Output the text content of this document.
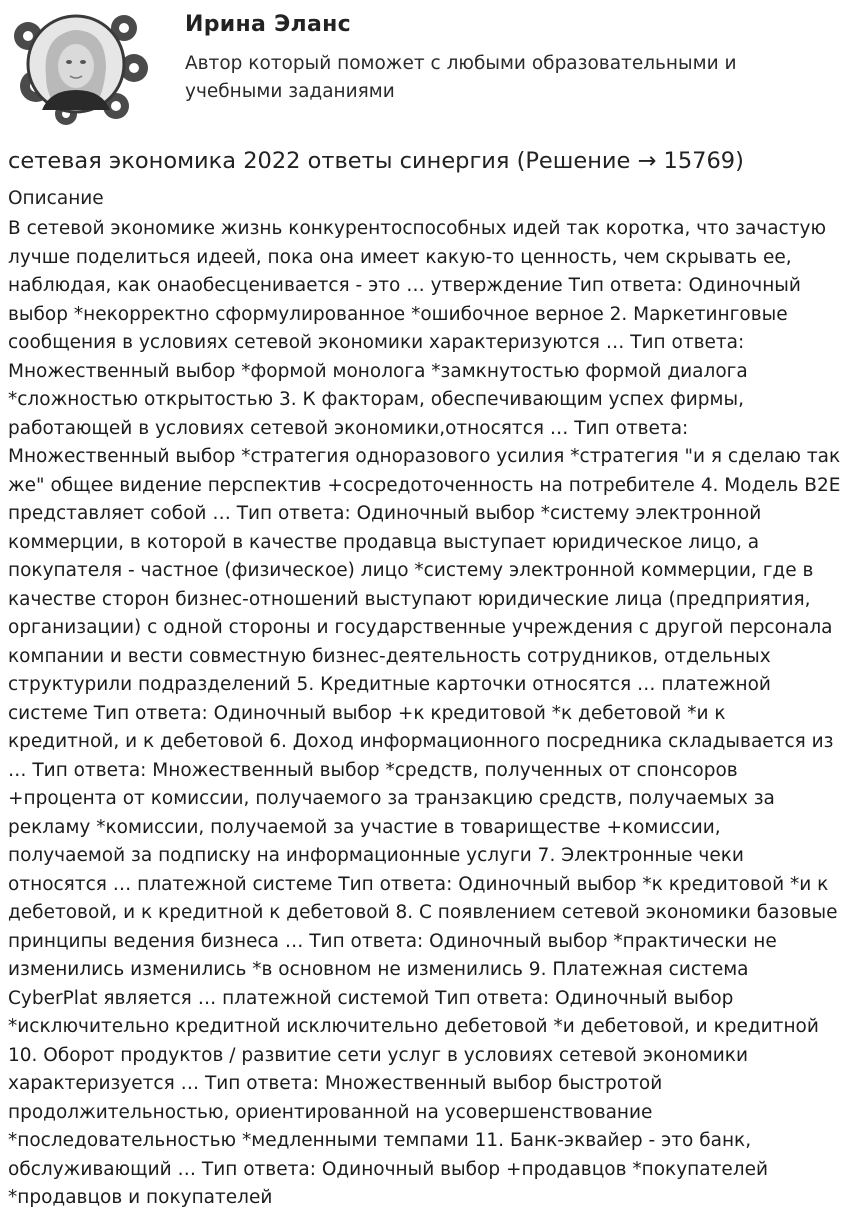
Ирина Эланс
Автор который поможет с любыми образовательными и учебными заданиями
сетевая экономика 2022 ответы синергия (Решение → 15769)
Описание
В сетевой экономике жизнь конкурентоспособных идей так коротка, что зачастую лучше поделиться идеей, пока она имеет какую-то ценность, чем скрывать ее, наблюдая, как онаобесценивается - это … утверждение Тип ответа: Одиночный выбор *некорректно сформулированное *ошибочное верное 2. Маркетинговые сообщения в условиях сетевой экономики характеризуются … Тип ответа: Множественный выбор *формой монолога *замкнутостью формой диалога *сложностью открытостью 3. К факторам, обеспечивающим успех фирмы, работающей в условиях сетевой экономики,относятся … Тип ответа: Множественный выбор *стратегия одноразового усилия *стратегия "и я сделаю так же" общее видение перспектив +сосредоточенность на потребителе 4. Модель B2E представляет собой … Тип ответа: Одиночный выбор *систему электронной коммерции, в которой в качестве продавца выступает юридическое лицо, а покупателя - частное (физическое) лицо *систему электронной коммерции, где в качестве сторон бизнес-отношений выступают юридические лица (предприятия, организации) с одной стороны и государственные учреждения с другой персонала компании и вести совместную бизнес-деятельность сотрудников, отдельных структурили подразделений 5. Кредитные карточки относятся … платежной системе Тип ответа: Одиночный выбор +к кредитовой *к дебетовой *и к кредитной, и к дебетовой 6. Доход информационного посредника складывается из … Тип ответа: Множественный выбор *средств, полученных от спонсоров +процента от комиссии, получаемого за транзакцию средств, получаемых за рекламу *комиссии, получаемой за участие в товариществе +комиссии, получаемой за подписку на информационные услуги 7. Электронные чеки относятся … платежной системе Тип ответа: Одиночный выбор *к кредитовой *и к дебетовой, и к кредитной к дебетовой 8. С появлением сетевой экономики базовые принципы ведения бизнеса … Тип ответа: Одиночный выбор *практически не изменились изменились *в основном не изменились 9. Платежная система CyberPlat является … платежной системой Тип ответа: Одиночный выбор *исключительно кредитной исключительно дебетовой *и дебетовой, и кредитной 10. Оборот продуктов / развитие сети услуг в условиях сетевой экономики характеризуется … Тип ответа: Множественный выбор быстротой продолжительностью, ориентированной на усовершенствование *последовательностью *медленными темпами 11. Банк-эквайер - это банк, обслуживающий … Тип ответа: Одиночный выбор +продавцов *покупателей *продавцов и покупателей
